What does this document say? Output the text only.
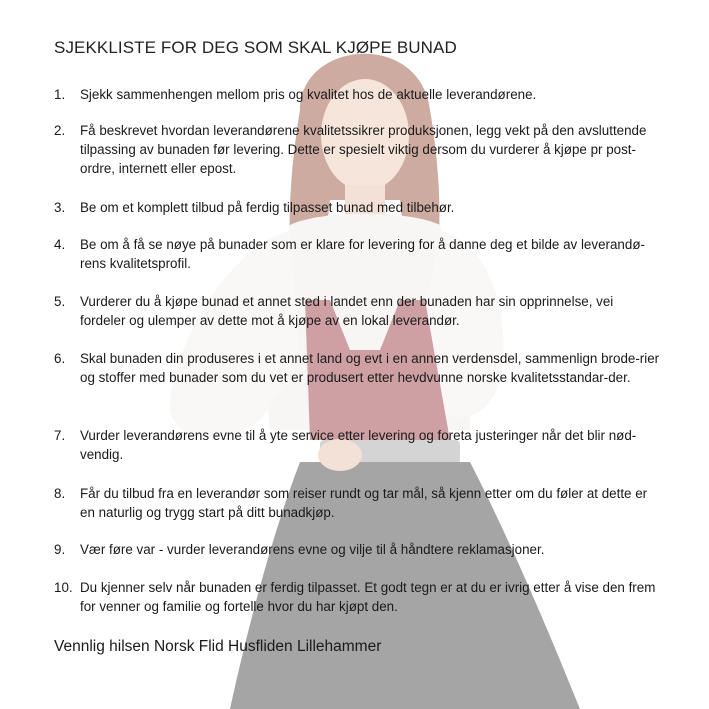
SJEKKLISTE FOR DEG SOM SKAL KJØPE BUNAD
1.	Sjekk sammenhengen mellom pris og kvalitet hos de aktuelle leverandørene.
2.	Få beskrevet hvordan leverandørene kvalitetssikrer produksjonen, legg vekt på den avsluttende tilpassing av bunaden før levering. Dette er spesielt viktig dersom du vurderer å kjøpe pr post-ordre, internett eller epost.
3.	Be om et komplett tilbud på ferdig tilpasset bunad med tilbehør.
4.	Be om å få se nøye på bunader som er klare for levering for å danne deg et bilde av leverandø-rens kvalitetsprofil.
5.	Vurderer du å kjøpe bunad et annet sted i landet enn der bunaden har sin opprinnelse, vei fordeler og ulemper av dette mot å kjøpe av en lokal leverandør.
6.	Skal bunaden din produseres i et annet land og evt i en annen verdensdel, sammenlign brode-rier og stoffer med bunader som du vet er produsert etter hevdvunne norske kvalitetsstandar-der.
7.	Vurder leverandørens evne til å yte service etter levering og foreta justeringer når det blir nød-vendig.
8.	Får du tilbud fra en leverandør som reiser rundt og tar mål, så kjenn etter om du føler at dette er en naturlig og trygg start på ditt bunadkjøp.
9.	Vær føre var - vurder leverandørens evne og vilje til å håndtere reklamasjoner.
10. Du kjenner selv når bunaden er ferdig tilpasset. Et godt tegn er at du er ivrig etter å vise den frem for venner og familie og fortelle hvor du har kjøpt den.
Vennlig hilsen Norsk Flid Husfliden Lillehammer
